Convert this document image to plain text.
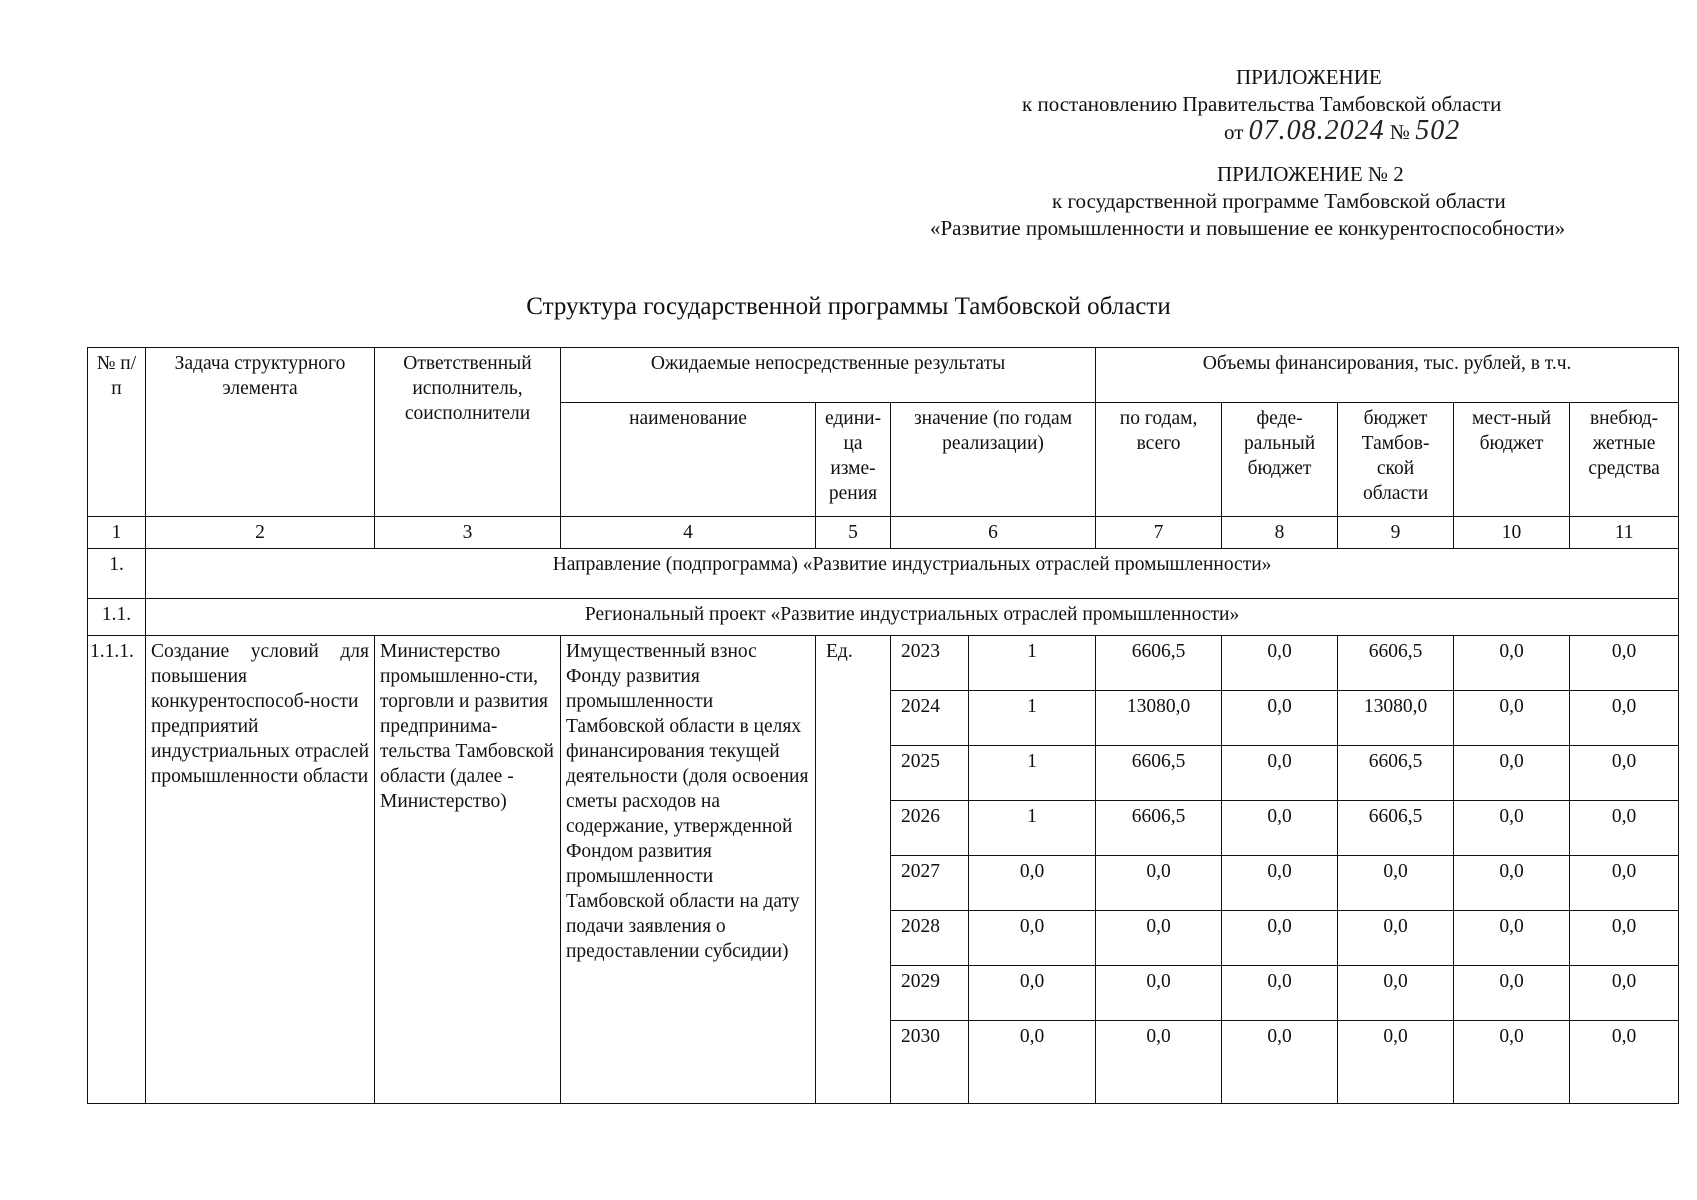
ПРИЛОЖЕНИЕ
к постановлению Правительства Тамбовской области
от 07.08.2024 № 502
ПРИЛОЖЕНИЕ № 2
к государственной программе Тамбовской области
«Развитие промышленности и повышение ее конкурентоспособности»
Структура государственной программы Тамбовской области
№ п/п	Задача структурного элемента	Ответственный исполнитель, соисполнители	Ожидаемые непосредственные результаты				Объемы финансирования, тыс. рублей, в т.ч.				
			наименование	едини-ца изме-рения	значение (по годам реализации)		по годам, всего	феде-ральный бюджет	бюджет Тамбов-ской области	мест-ный бюджет	внебюд-жетные средства
1	2	3	4	5	6		7	8	9	10	11
1.	Направление (подпрограмма) «Развитие индустриальных отраслей промышленности»										
1.1.	Региональный проект «Развитие индустриальных отраслей промышленности»										
1.1.1.	Создание условий для повышения конкурентоспособ-ности предприятий индустриальных отраслей промышленности области	Министерство промышленно-сти, торговли и развития предпринима-тельства Тамбовской области (далее - Министерство)	Имущественный взнос Фонду развития промышленности Тамбовской области в целях финансирования текущей деятельности (доля освоения сметы расходов на содержание, утвержденной Фондом развития промышленности Тамбовской области на дату подачи заявления о предоставлении субсидии)	Ед.	2023	1	6606,5	0,0	6606,5	0,0	0,0
					2024	1	13080,0	0,0	13080,0	0,0	0,0
					2025	1	6606,5	0,0	6606,5	0,0	0,0
					2026	1	6606,5	0,0	6606,5	0,0	0,0
					2027	0,0	0,0	0,0	0,0	0,0	0,0
					2028	0,0	0,0	0,0	0,0	0,0	0,0
					2029	0,0	0,0	0,0	0,0	0,0	0,0
					2030	0,0	0,0	0,0	0,0	0,0	0,0
